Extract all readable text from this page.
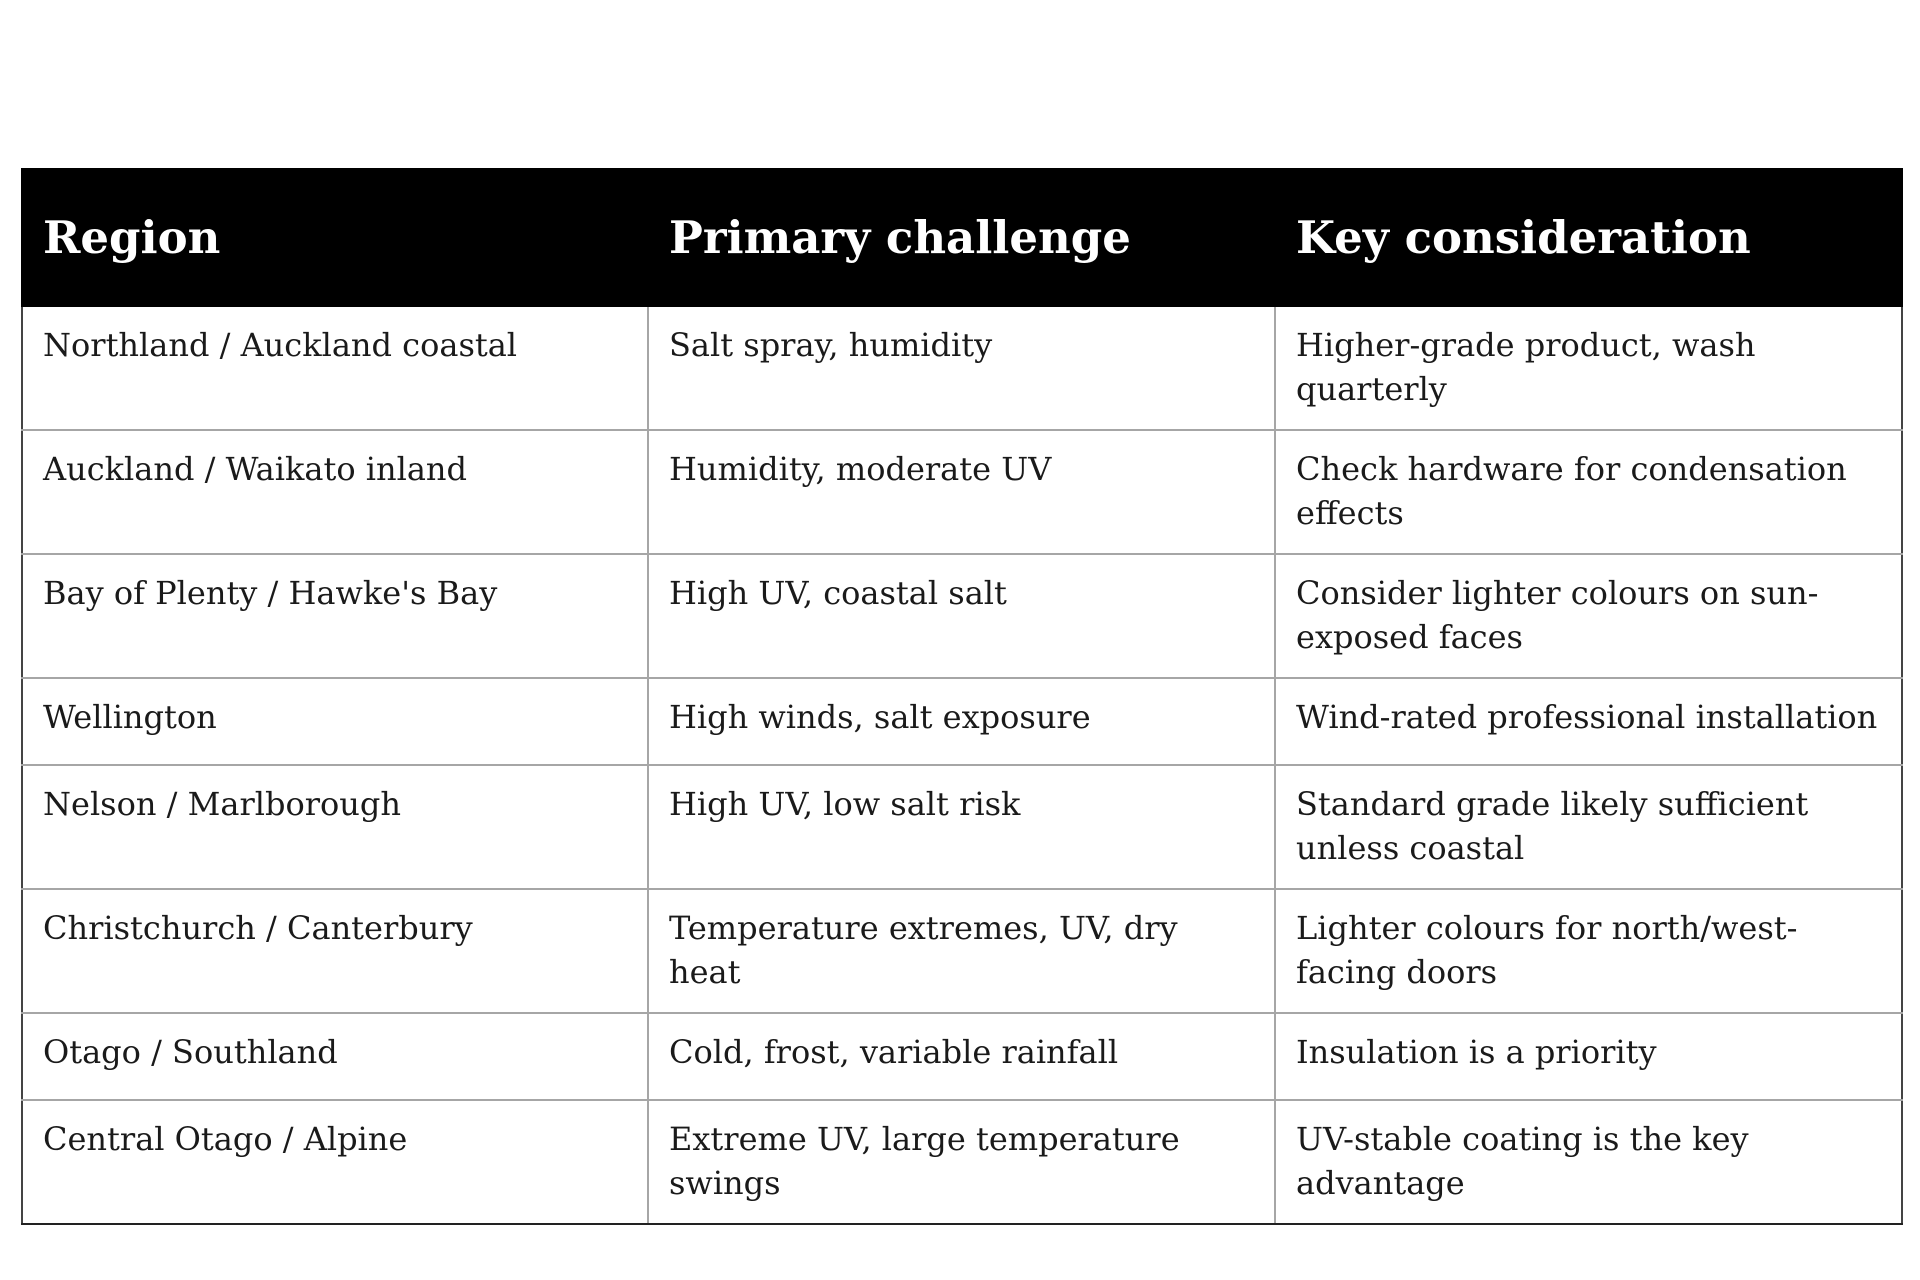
Region	Primary challenge	Key consideration
Northland / Auckland coastal	Salt spray, humidity	Higher-grade product, wash quarterly
Auckland / Waikato inland	Humidity, moderate UV	Check hardware for condensation effects
Bay of Plenty / Hawke's Bay	High UV, coastal salt	Consider lighter colours on sun-exposed faces
Wellington	High winds, salt exposure	Wind-rated professional installation
Nelson / Marlborough	High UV, low salt risk	Standard grade likely sufficient unless coastal
Christchurch / Canterbury	Temperature extremes, UV, dry heat	Lighter colours for north/west-facing doors
Otago / Southland	Cold, frost, variable rainfall	Insulation is a priority
Central Otago / Alpine	Extreme UV, large temperature swings	UV-stable coating is the key advantage
